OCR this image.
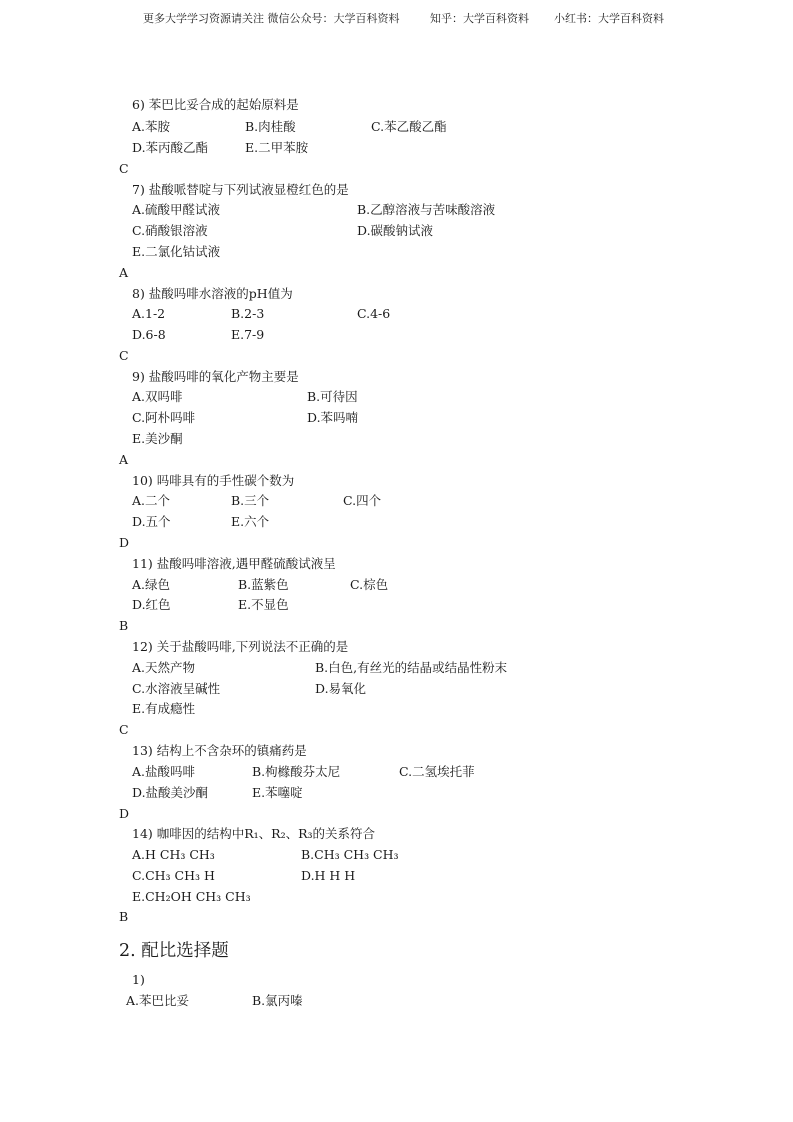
更多大学学习资源请关注 微信公众号：大学百科资料	知乎：大学百科资料 小红书：大学百科资料
6) 苯巴比妥合成的起始原料是
A.苯胺	B.肉桂酸	C.苯乙酸乙酯
D.苯丙酸乙酯	E.二甲苯胺
C
7) 盐酸哌替啶与下列试液显橙红色的是
A.硫酸甲醛试液	B.乙醇溶液与苦味酸溶液
C.硝酸银溶液	D.碳酸钠试液
E.二氯化钴试液
A
8) 盐酸吗啡水溶液的pH值为
A.1-2	B.2-3	C.4-6
D.6-8	E.7-9
C
9) 盐酸吗啡的氧化产物主要是
A.双吗啡	B.可待因
C.阿朴吗啡	D.苯吗喃
E.美沙酮
A
10) 吗啡具有的手性碳个数为
A.二个	B.三个	C.四个
D.五个	E.六个
D
11) 盐酸吗啡溶液,遇甲醛硫酸试液呈
A.绿色	B.蓝紫色	C.棕色
D.红色	E.不显色
B
12) 关于盐酸吗啡,下列说法不正确的是
A.天然产物	B.白色,有丝光的结晶或结晶性粉末
C.水溶液呈碱性	D.易氧化
E.有成瘾性
C
13) 结构上不含杂环的镇痛药是
A.盐酸吗啡	B.枸橼酸芬太尼	C.二氢埃托菲
D.盐酸美沙酮	E.苯噻啶
D
14) 咖啡因的结构中R₁、R₂、R₃的关系符合
A.H CH₃ CH₃	B.CH₃ CH₃ CH₃
C.CH₃ CH₃ H	D.H H H
E.CH₂OH CH₃ CH₃
B
2. 配比选择题
1)
A.苯巴比妥	B.氯丙嗪
